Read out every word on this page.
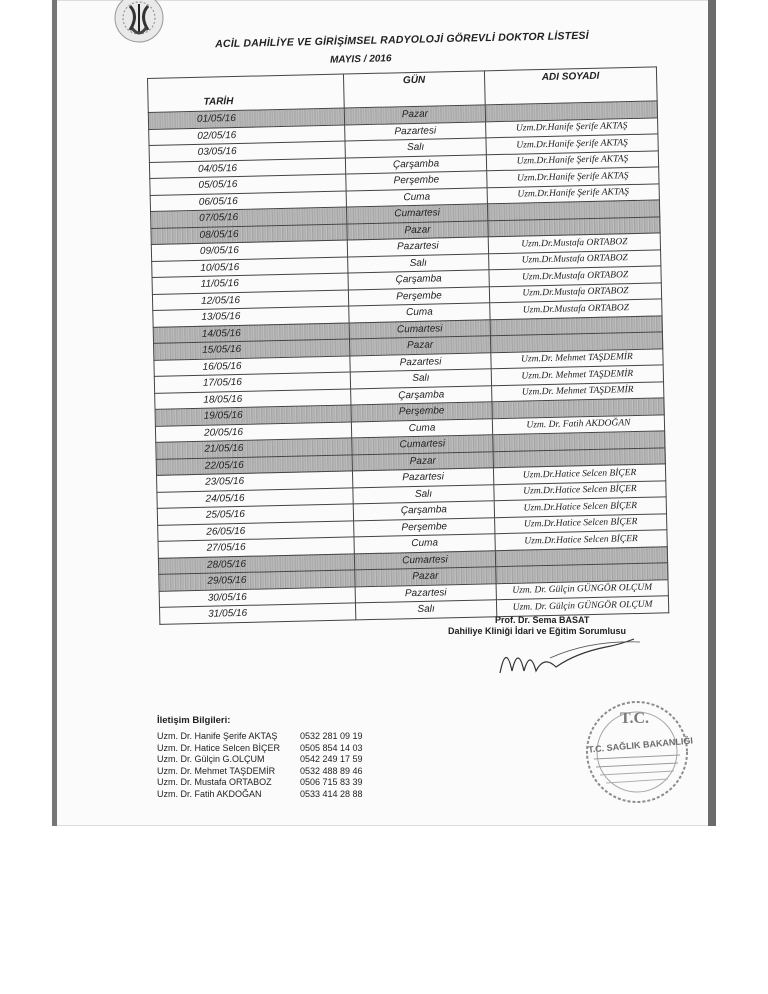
ACİL DAHİLİYE VE GİRİŞİMSEL RADYOLOJİ GÖREVLİ DOKTOR LİSTESİ
MAYIS / 2016
TARİH	GÜN	ADI SOYADI
01/05/16	Pazar	
02/05/16	Pazartesi	Uzm.Dr.Hanife Şerife AKTAŞ
03/05/16	Salı	Uzm.Dr.Hanife Şerife AKTAŞ
04/05/16	Çarşamba	Uzm.Dr.Hanife Şerife AKTAŞ
05/05/16	Perşembe	Uzm.Dr.Hanife Şerife AKTAŞ
06/05/16	Cuma	Uzm.Dr.Hanife Şerife AKTAŞ
07/05/16	Cumartesi	
08/05/16	Pazar	
09/05/16	Pazartesi	Uzm.Dr.Mustafa ORTABOZ
10/05/16	Salı	Uzm.Dr.Mustafa ORTABOZ
11/05/16	Çarşamba	Uzm.Dr.Mustafa ORTABOZ
12/05/16	Perşembe	Uzm.Dr.Mustafa ORTABOZ
13/05/16	Cuma	Uzm.Dr.Mustafa ORTABOZ
14/05/16	Cumartesi	
15/05/16	Pazar	
16/05/16	Pazartesi	Uzm.Dr. Mehmet TAŞDEMİR
17/05/16	Salı	Uzm.Dr. Mehmet TAŞDEMİR
18/05/16	Çarşamba	Uzm.Dr. Mehmet TAŞDEMİR
19/05/16	Perşembe	
20/05/16	Cuma	Uzm. Dr. Fatih AKDOĞAN
21/05/16	Cumartesi	
22/05/16	Pazar	
23/05/16	Pazartesi	Uzm.Dr.Hatice Selcen BİÇER
24/05/16	Salı	Uzm.Dr.Hatice Selcen BİÇER
25/05/16	Çarşamba	Uzm.Dr.Hatice Selcen BİÇER
26/05/16	Perşembe	Uzm.Dr.Hatice Selcen BİÇER
27/05/16	Cuma	Uzm.Dr.Hatice Selcen BİÇER
28/05/16	Cumartesi	
29/05/16	Pazar	
30/05/16	Pazartesi	Uzm. Dr. Gülçin GÜNGÖR OLÇUM
31/05/16	Salı	Uzm. Dr. Gülçin GÜNGÖR OLÇUM
Prof. Dr. Sema BASAT
Dahiliye Kliniği İdari ve Eğitim Sorumlusu
İletişim Bilgileri:
Uzm. Dr. Hanife Şerife AKTAŞ	0532 281 09 19
Uzm. Dr. Hatice Selcen BİÇER 0505 854 14 03
Uzm. Dr. Gülçin G.OLÇUM	0542 249 17 59
Uzm. Dr. Mehmet TAŞDEMİR	0532 488 89 46
Uzm. Dr. Mustafa ORTABOZ	0506 715 83 39
Uzm. Dr. Fatih AKDOĞAN	0533 414 28 88
T.C.
T.C. SAĞLIK BAKANLIĞI
